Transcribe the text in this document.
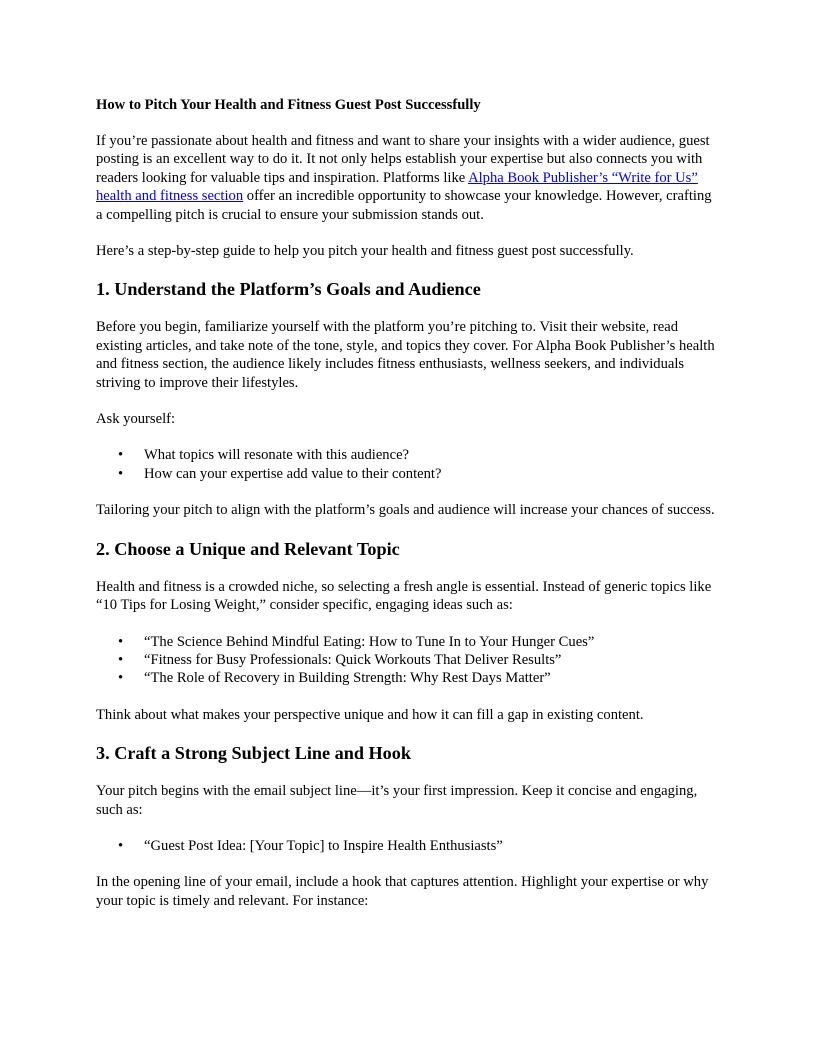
How to Pitch Your Health and Fitness Guest Post Successfully

If you’re passionate about health and fitness and want to share your insights with a wider audience, guest posting is an excellent way to do it. It not only helps establish your expertise but also connects you with readers looking for valuable tips and inspiration. Platforms like Alpha Book Publisher’s “Write for Us” health and fitness section offer an incredible opportunity to showcase your knowledge. However, crafting a compelling pitch is crucial to ensure your submission stands out.

Here’s a step-by-step guide to help you pitch your health and fitness guest post successfully.

1. Understand the Platform’s Goals and Audience

Before you begin, familiarize yourself with the platform you’re pitching to. Visit their website, read existing articles, and take note of the tone, style, and topics they cover. For Alpha Book Publisher’s health and fitness section, the audience likely includes fitness enthusiasts, wellness seekers, and individuals striving to improve their lifestyles.

Ask yourself:

• What topics will resonate with this audience?
• How can your expertise add value to their content?

Tailoring your pitch to align with the platform’s goals and audience will increase your chances of success.

2. Choose a Unique and Relevant Topic

Health and fitness is a crowded niche, so selecting a fresh angle is essential. Instead of generic topics like “10 Tips for Losing Weight,” consider specific, engaging ideas such as:

• “The Science Behind Mindful Eating: How to Tune In to Your Hunger Cues”
• “Fitness for Busy Professionals: Quick Workouts That Deliver Results”
• “The Role of Recovery in Building Strength: Why Rest Days Matter”

Think about what makes your perspective unique and how it can fill a gap in existing content.

3. Craft a Strong Subject Line and Hook

Your pitch begins with the email subject line—it’s your first impression. Keep it concise and engaging, such as:

• “Guest Post Idea: [Your Topic] to Inspire Health Enthusiasts”

In the opening line of your email, include a hook that captures attention. Highlight your expertise or why your topic is timely and relevant. For instance:
